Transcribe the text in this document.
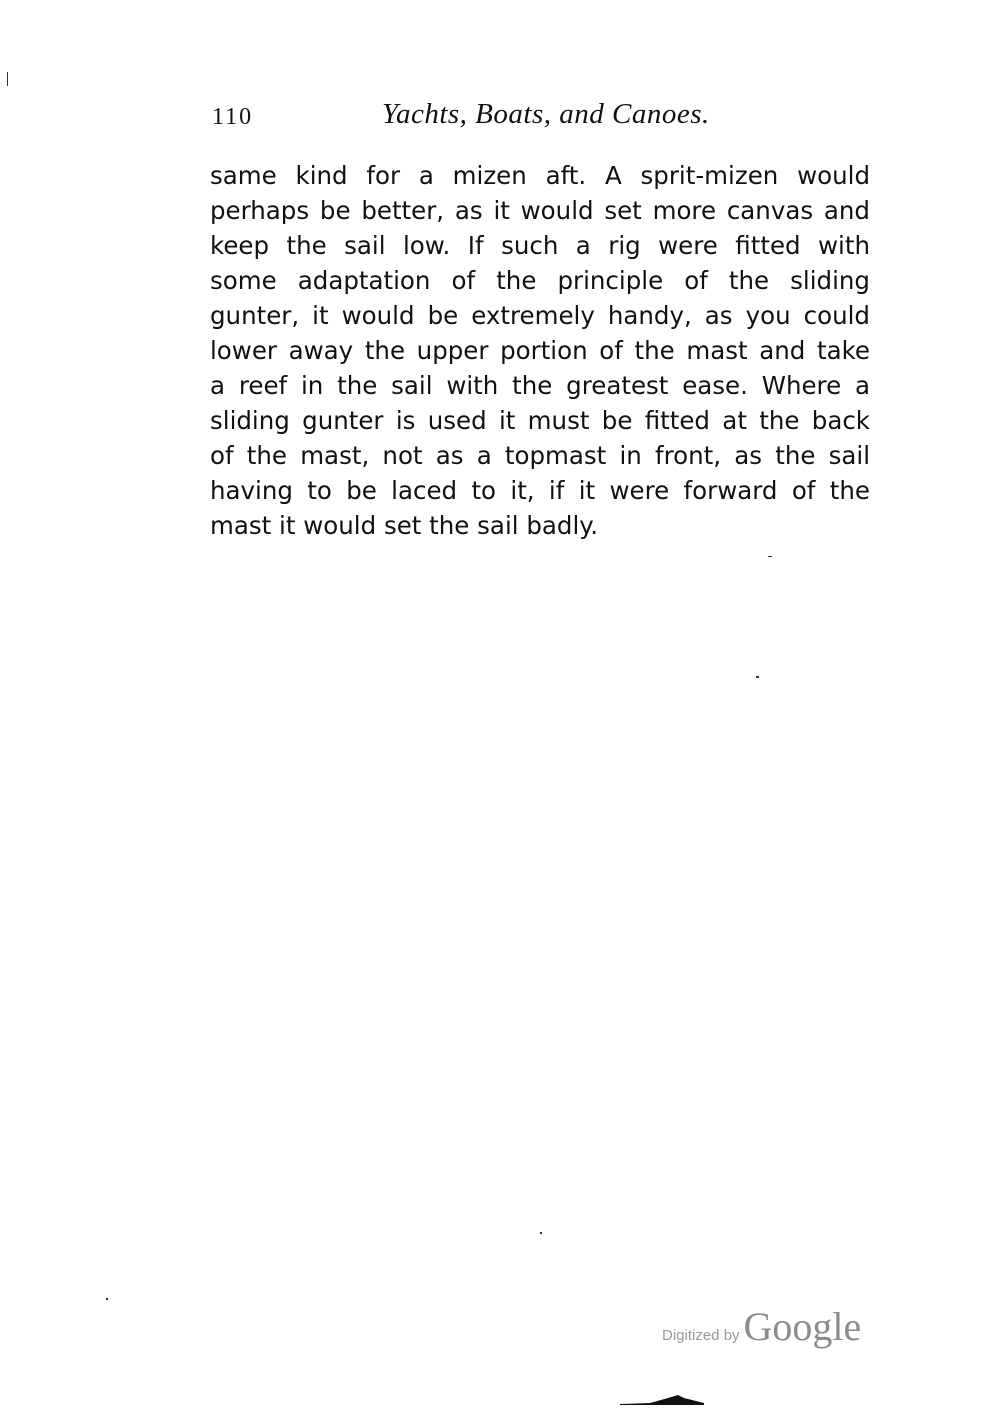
110	Yachts, Boats, and Canoes.
same kind for a mizen aft. A sprit-mizen would
perhaps be better, as it would set more canvas and
keep the sail low. If such a rig were fitted with
some adaptation of the principle of the sliding
gunter, it would be extremely handy, as you could
lower away the upper portion of the mast and take
a reef in the sail with the greatest ease. Where a
sliding gunter is used it must be fitted at the back
of the mast, not as a topmast in front, as the sail
having to be laced to it, if it were forward of the
mast it would set the sail badly.
Digitized by Google
